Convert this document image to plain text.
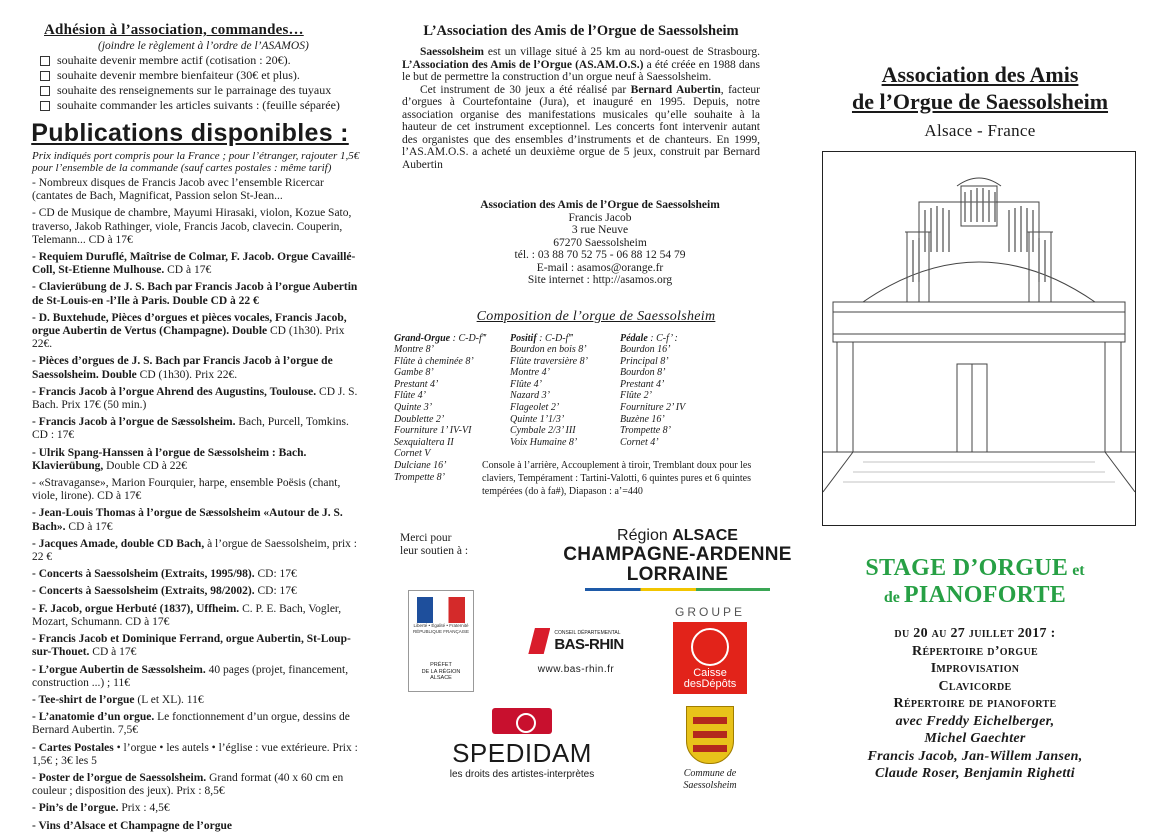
Adhésion à l’association, commandes…
(joindre le règlement à l’ordre de l’ASAMOS)
souhaite devenir membre actif (cotisation : 20€).
souhaite devenir membre bienfaiteur (30€ et plus).
souhaite des renseignements sur le parrainage des tuyaux
souhaite commander les articles suivants : (feuille séparée)
Publications disponibles :
Prix indiqués port compris pour la France ; pour l’étranger, rajouter 1,5€ pour l’ensemble de la commande (sauf cartes postales : même tarif)
- Nombreux disques de Francis Jacob avec l’ensemble Ricercar (cantates de Bach, Magnificat, Passion selon St-Jean...
- CD de Musique de chambre, Mayumi Hirasaki, violon, Kozue Sato, traverso, Jakob Rathinger, viole, Francis Jacob, clavecin. Couperin, Telemann... CD à 17€
- Requiem Duruflé, Maîtrise de Colmar, F. Jacob. Orgue Cavaillé-Coll, St-Etienne Mulhouse. CD à 17€
- Clavierübung de J. S. Bach par Francis Jacob à l’orgue Aubertin de St-Louis-en -l’Ile à Paris. Double CD à 22 €
- D. Buxtehude, Pièces d’orgues et pièces vocales, Francis Jacob, orgue Aubertin de Vertus (Champagne). Double CD (1h30). Prix 22€.
- Pièces d’orgues de J. S. Bach par Francis Jacob à l’orgue de Saessolsheim. Double CD (1h30). Prix 22€.
- Francis Jacob à l’orgue Ahrend des Augustins, Toulouse. CD J. S. Bach. Prix 17€ (50 min.)
- Francis Jacob à l’orgue de Sæssolsheim. Bach, Purcell, Tomkins. CD : 17€
- Ulrik Spang-Hanssen à l’orgue de Sæssolsheim : Bach. Klavierübung, Double CD à 22€
- «Stravaganse», Marion Fourquier, harpe, ensemble Poësis (chant, viole, lirone). CD à 17€
- Jean-Louis Thomas à l’orgue de Sæssolsheim «Autour de J. S. Bach». CD à 17€
- Jacques Amade, double CD Bach, à l’orgue de Saessolsheim, prix : 22 €
- Concerts à Saessolsheim (Extraits, 1995/98). CD: 17€
- Concerts à Saessolsheim (Extraits, 98/2002). CD: 17€
- F. Jacob, orgue Herbuté (1837), Uffheim. C. P. E. Bach, Vogler, Mozart, Schumann. CD à 17€
- Francis Jacob et Dominique Ferrand, orgue Aubertin, St-Loup-sur-Thouet. CD à 17€
- L’orgue Aubertin de Sæssolsheim. 40 pages (projet, financement, construction ...) ; 11€
- Tee-shirt de l’orgue (L et XL). 11€
- L’anatomie d’un orgue. Le fonctionnement d’un orgue, dessins de Bernard Aubertin. 7,5€
- Cartes Postales • l’orgue • les autels • l’église : vue extérieure. Prix : 1,5€ ; 3€ les 5
- Poster de l’orgue de Saessolsheim. Grand format (40 x 60 cm en couleur ; disposition des jeux). Prix : 8,5€
- Pin’s de l’orgue. Prix : 4,5€
- Vins d’Alsace et Champagne de l’orgue
L’Association des Amis de l’Orgue de Saessolsheim

Saessolsheim est un village situé à 25 km au nord-ouest de Strasbourg. L’Association des Amis de l’Orgue (AS.AM.O.S.) a été créée en 1988 dans le but de permettre la construction d’un orgue neuf à Saessolsheim.

Cet instrument de 30 jeux a été réalisé par Bernard Aubertin, facteur d’orgues à Courtefontaine (Jura), et inauguré en 1995. Depuis, notre association organise des manifestations musicales qu’elle souhaite à la hauteur de cet instrument exceptionnel. Les concerts font intervenir autant des organistes que des ensembles d’instruments et de chanteurs. En 1999, l’AS.AM.O.S. a acheté un deuxième orgue de 5 jeux, construit par Bernard Aubertin

Association des Amis de l’Orgue de Saessolsheim
Francis Jacob
3 rue Neuve
67270 Saessolsheim
tél. : 03 88 70 52 75 - 06 88 12 54 79
E-mail : asamos@orange.fr
Site internet : http://asamos.org
Composition de l’orgue de Saessolsheim
Grand-Orgue : C-D-f‴
Montre 8’
Flûte à cheminée 8’
Gambe 8’
Prestant 4’
Flûte 4’
Quinte 3’
Doublette 2’
Fourniture 1’ IV-VI
Sexquialtera II
Cornet V
Dulciane 16’
Trompette 8’
Positif : C-D-f‴
Bourdon en bois 8’
Flûte traversière 8’
Montre 4’
Flûte 4’
Nazard 3’
Flageolet 2’
Quinte 1’1/3’
Cymbale 2/3’ III
Voix Humaine 8’
Pédale : C-f’ :
Bourdon 16’
Principal 8’
Bourdon 8’
Prestant 4’
Flûte 2’
Fourniture 2’ IV
Buzène 16’
Trompette 8’
Cornet 4’
Console à l’arrière, Accouplement à tiroir, Tremblant doux pour les claviers, Tempérament : Tartini-Valotti, 6 quintes pures et 6 quintes tempérées (do à fa#), Diapason : a’=440
Merci pour
leur soutien à :
Région ALSACE
CHAMPAGNE-ARDENNE
LORRAINE
Liberté • Égalité • Fraternité
RÉPUBLIQUE FRANÇAISE
PRÉFET
DE LA RÉGION
ALSACE
CONSEIL DÉPARTEMENTAL
BAS-RHIN
www.bas-rhin.fr
GROUPE
Caisse
desDépôts
SPEDIDAM
les droits des artistes-interprètes	Commune de
Saessolsheim
Association des Amis
de l’Orgue de Saessolsheim
Alsace - France
STAGE D’ORGUE et
de PIANOFORTE
du 20 au 27 juillet 2017 :
Répertoire d’orgue
Improvisation
Clavicorde
Répertoire de pianoforte
avec Freddy Eichelberger,
Michel Gaechter
Francis Jacob, Jan-Willem Jansen,
Claude Roser, Benjamin Righetti
